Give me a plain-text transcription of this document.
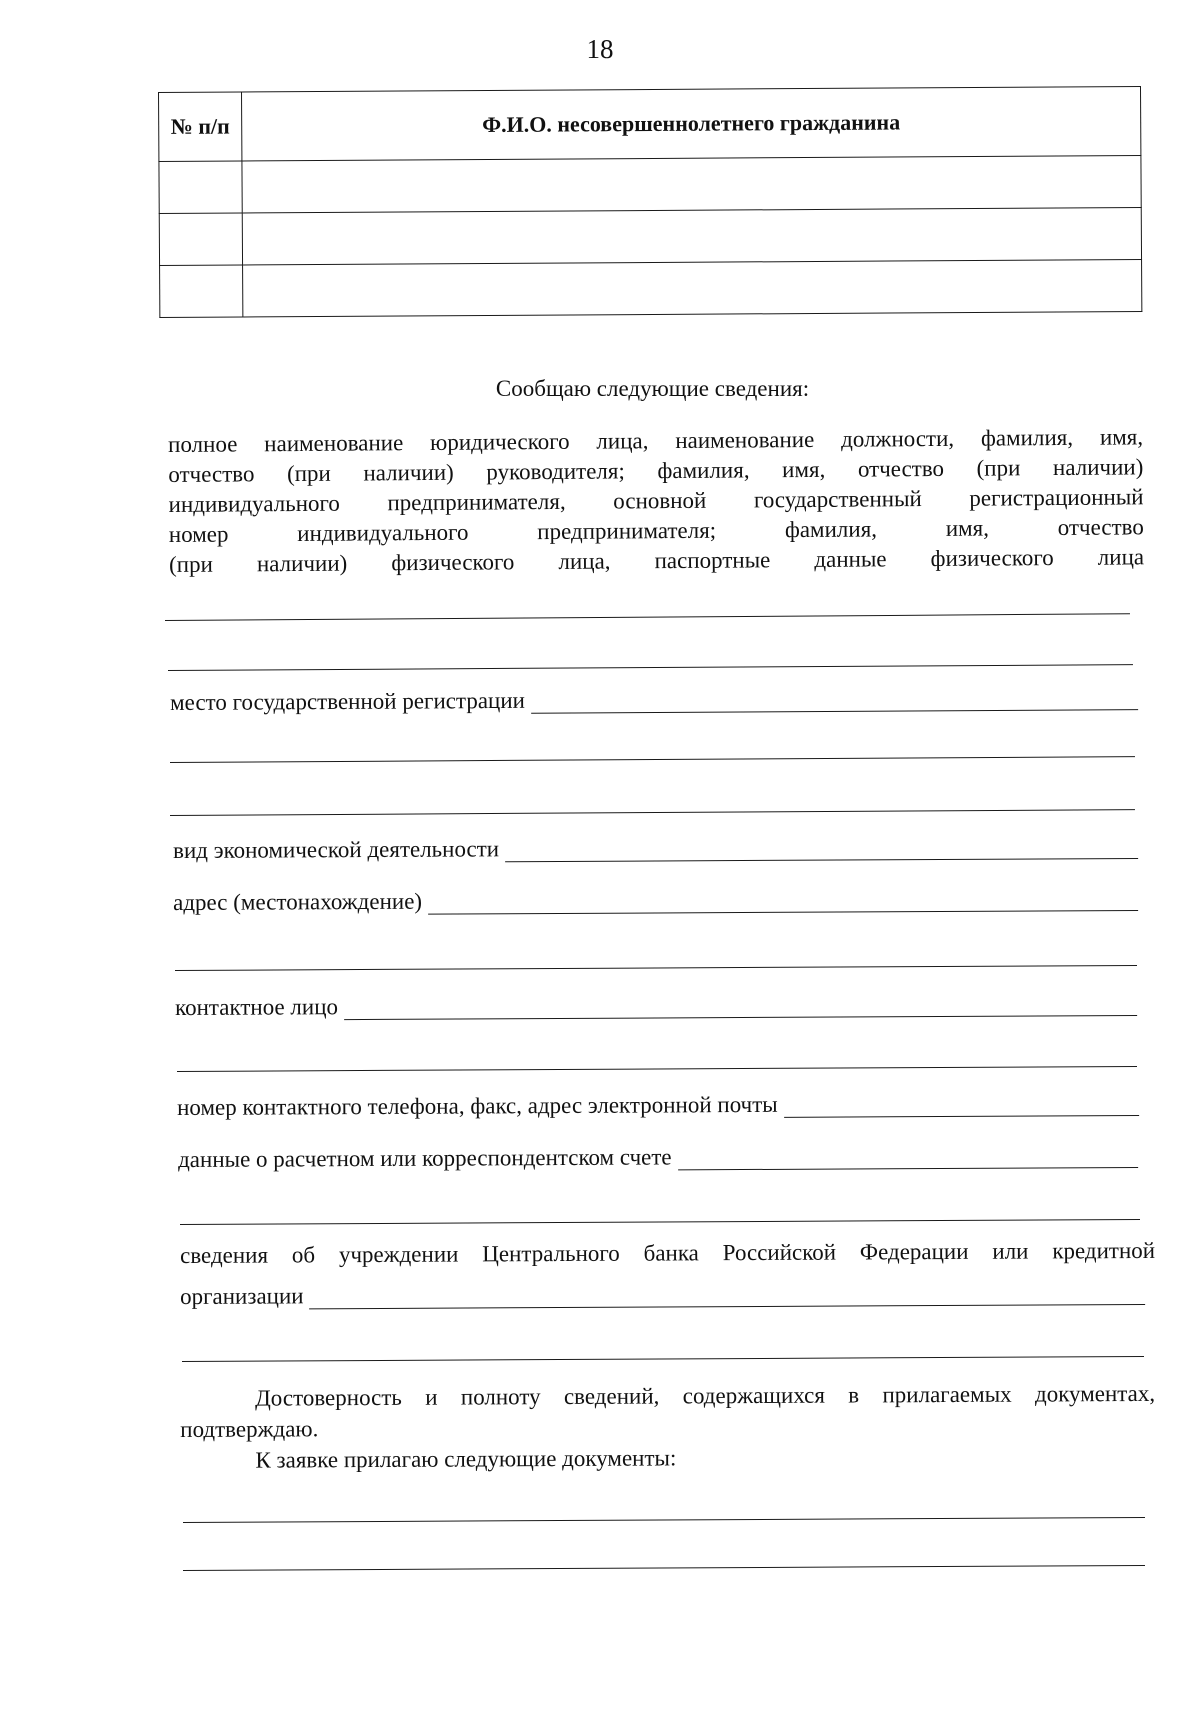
18
№ п/п	Ф.И.О. несовершеннолетнего гражданина

Сообщаю следующие сведения:
полное наименование юридического лица, наименование должности, фамилия, имя,
отчество (при наличии) руководителя; фамилия, имя, отчество (при наличии)
индивидуального предпринимателя, основной государственный регистрационный
номер индивидуального предпринимателя; фамилия, имя, отчество
(при наличии) физического лица, паспортные данные физического лица
место государственной регистрации
вид экономической деятельности
адрес (местонахождение)
контактное лицо
номер контактного телефона, факс, адрес электронной почты
данные о расчетном или корреспондентском счете
сведения об учреждении Центрального банка Российской Федерации или кредитной
организации

Достоверность и полноту сведений, содержащихся в прилагаемых документах,

подтверждаю.

К заявке прилагаю следующие документы:
